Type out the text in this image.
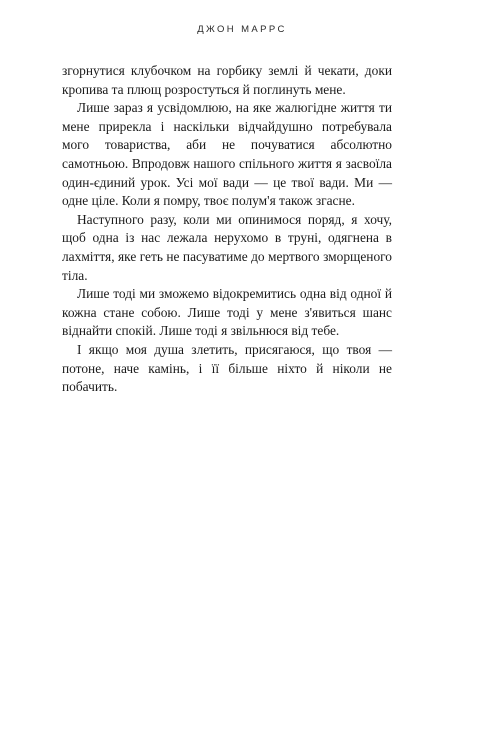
ДЖОН МАРРС

згорнутися клубочком на горбику землі й чекати, доки кропива та плющ розростуться й поглинуть мене.

Лише зараз я усвідомлюю, на яке жалюгідне життя ти мене прирекла і наскільки відчайдушно потребувала мого товариства, аби не почуватися абсолютно самотньою. Впродовж нашого спільного життя я засвоїла один-єдиний урок. Усі мої вади — це твої вади. Ми — одне ціле. Коли я помру, твоє полум'я також згасне.

Наступного разу, коли ми опинимося поряд, я хочу, щоб одна із нас лежала нерухомо в труні, одягнена в лахміття, яке геть не пасуватиме до мертвого зморщеного тіла.

Лише тоді ми зможемо відокремитись одна від одної й кожна стане собою. Лише тоді у мене з'явиться шанс віднайти спокій. Лише тоді я звільнюся від тебе.

І якщо моя душа злетить, присягаюся, що твоя — потоне, наче камінь, і її більше ніхто й ніколи не побачить.
